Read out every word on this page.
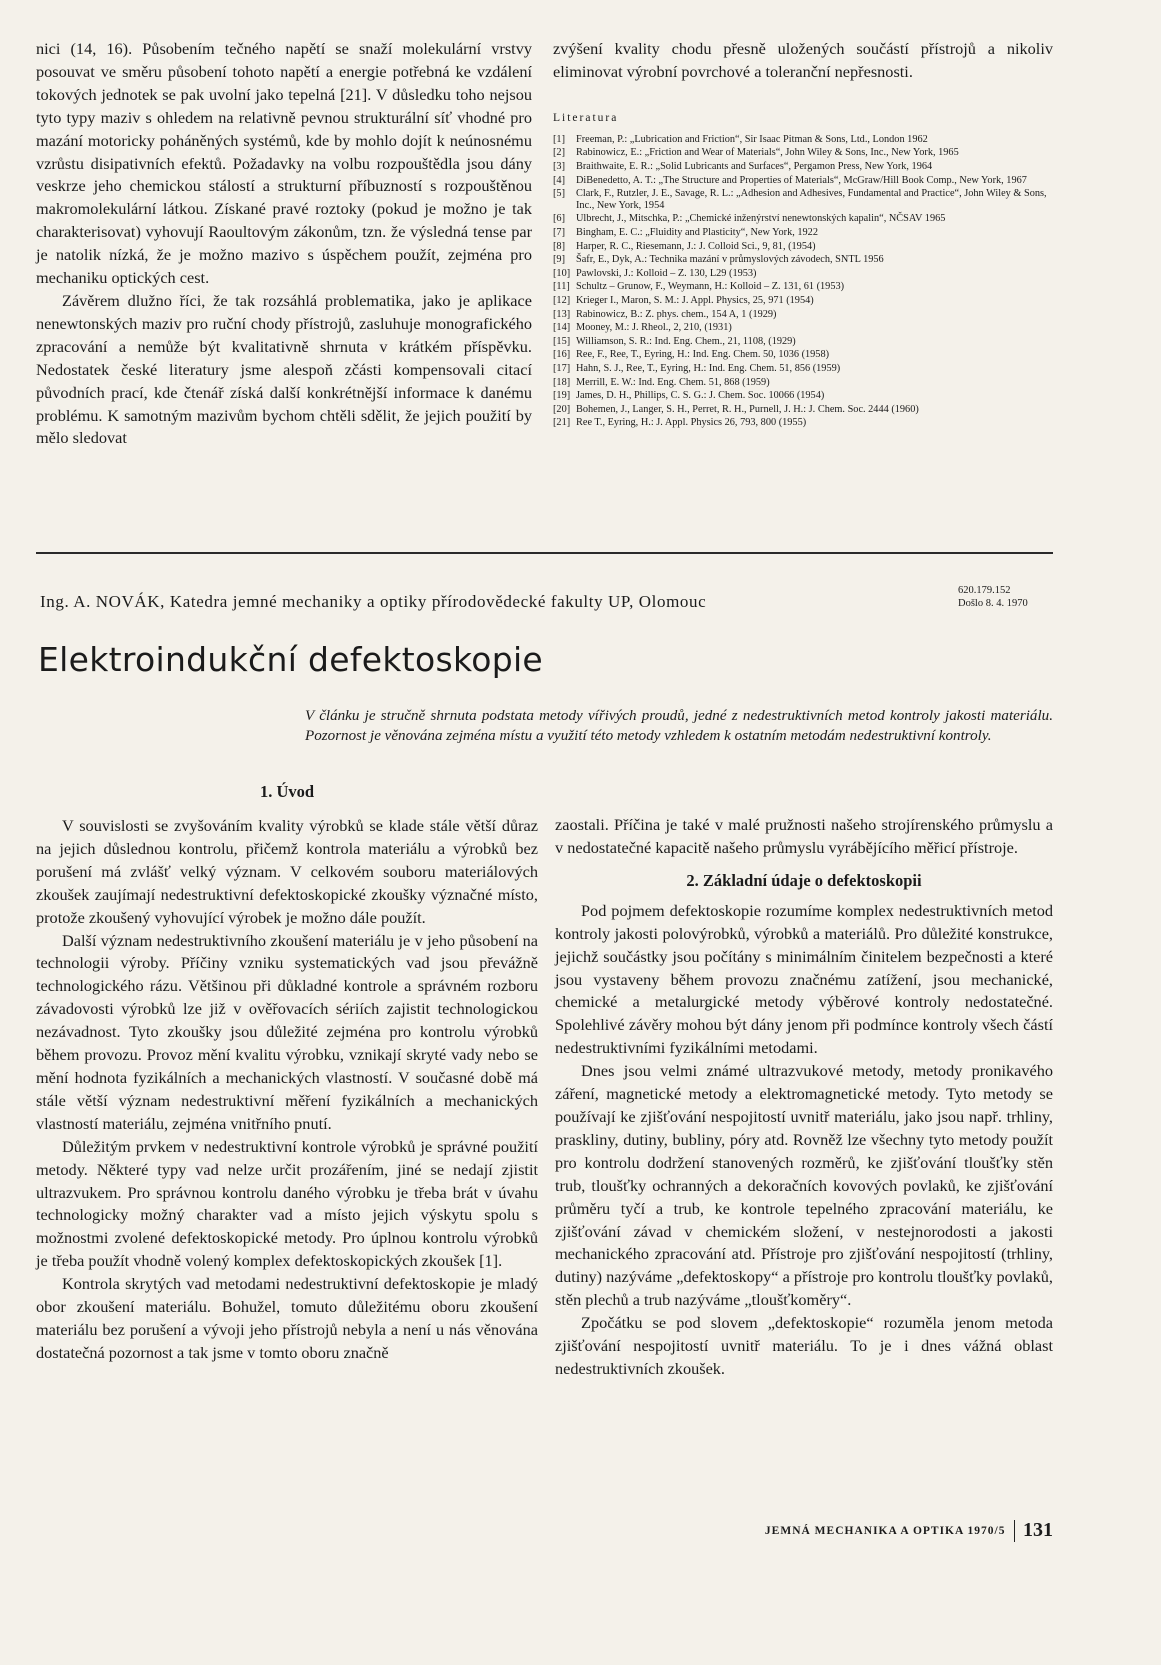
nici (14, 16). Působením tečného napětí se snaží molekulární vrstvy posouvat ve směru působení tohoto napětí a energie potřebná ke vzdálení tokových jednotek se pak uvolní jako tepelná [21]. V důsledku toho nejsou tyto typy maziv s ohledem na relativně pevnou strukturální síť vhodné pro mazání motoricky poháněných systémů, kde by mohlo dojít k neúnosnému vzrůstu disipativních efektů. Požadavky na volbu rozpouštědla jsou dány veskrze jeho chemickou stálostí a strukturní příbuzností s rozpouštěnou makromolekulární látkou. Získané pravé roztoky (pokud je možno je tak charakterisovat) vyhovují Raoultovým zákonům, tzn. že výsledná tense par je natolik nízká, že je možno mazivo s úspěchem použít, zejména pro mechaniku optických cest.

Závěrem dlužno říci, že tak rozsáhlá problematika, jako je aplikace nenewtonských maziv pro ruční chody přístrojů, zasluhuje monografického zpracování a nemůže být kvalitativně shrnuta v krátkém příspěvku. Nedostatek české literatury jsme alespoň zčásti kompensovali citací původních prací, kde čtenář získá další konkrétnější informace k danému problému. K samotným mazivům bychom chtěli sdělit, že jejich použití by mělo sledovat

zvýšení kvality chodu přesně uložených součástí přístrojů a nikoliv eliminovat výrobní povrchové a toleranční nepřesnosti.

Literatura
[1]	Freeman, P.: „Lubrication and Friction“, Sir Isaac Pitman & Sons, Ltd., London 1962
[2]	Rabinowicz, E.: „Friction and Wear of Materials“, John Wiley & Sons, Inc., New York, 1965
[3]	Braithwaite, E. R.: „Solid Lubricants and Surfaces“, Pergamon Press, New York, 1964
[4]	DiBenedetto, A. T.: „The Structure and Properties of Materials“, McGraw/Hill Book Comp., New York, 1967
[5]	Clark, F., Rutzler, J. E., Savage, R. L.: „Adhesion and Adhesives, Fundamental and Practice“, John Wiley & Sons, Inc., New York, 1954
[6]	Ulbrecht, J., Mitschka, P.: „Chemické inženýrství nenewtonských kapalin“, NČSAV 1965
[7]	Bingham, E. C.: „Fluidity and Plasticity“, New York, 1922
[8]	Harper, R. C., Riesemann, J.: J. Colloid Sci., 9, 81, (1954)
[9]	Šafr, E., Dyk, A.: Technika mazání v průmyslových závodech, SNTL 1956
[10] Pawlovski, J.: Kolloid – Z. 130, L29 (1953)
[11] Schultz – Grunow, F., Weymann, H.: Kolloid – Z. 131, 61 (1953)
[12] Krieger I., Maron, S. M.: J. Appl. Physics, 25, 971 (1954)
[13] Rabinowicz, B.: Z. phys. chem., 154 A, 1 (1929)
[14] Mooney, M.: J. Rheol., 2, 210, (1931)
[15] Williamson, S. R.: Ind. Eng. Chem., 21, 1108, (1929)
[16] Ree, F., Ree, T., Eyring, H.: Ind. Eng. Chem. 50, 1036 (1958)
[17] Hahn, S. J., Ree, T., Eyring, H.: Ind. Eng. Chem. 51, 856 (1959)
[18] Merrill, E. W.: Ind. Eng. Chem. 51, 868 (1959)
[19] James, D. H., Phillips, C. S. G.: J. Chem. Soc. 10066 (1954)
[20] Bohemen, J., Langer, S. H., Perret, R. H., Purnell, J. H.: J. Chem. Soc. 2444 (1960)
[21] Ree T., Eyring, H.: J. Appl. Physics 26, 793, 800 (1955)
Ing. A. NOVÁK, Katedra jemné mechaniky a optiky přírodovědecké fakulty UP, Olomouc
620.179.152
Došlo 8. 4. 1970
Elektroindukční defektoskopie

V článku je stručně shrnuta podstata metody vířivých proudů, jedné z nedestruktivních metod kontroly jakosti materiálu. Pozornost je věnována zejména místu a využití této metody vzhledem k ostatním metodám nedestruktivní kontroly.

1. Úvod

V souvislosti se zvyšováním kvality výrobků se klade stále větší důraz na jejich důslednou kontrolu, přičemž kontrola materiálu a výrobků bez porušení má zvlášť velký význam. V celkovém souboru materiálových zkoušek zaujímají nedestruktivní defektoskopické zkoušky význačné místo, protože zkoušený vyhovující výrobek je možno dále použít.

Další význam nedestruktivního zkoušení materiálu je v jeho působení na technologii výroby. Příčiny vzniku systematických vad jsou převážně technologického rázu. Většinou při důkladné kontrole a správném rozboru závadovosti výrobků lze již v ověřovacích sériích zajistit technologickou nezávadnost. Tyto zkoušky jsou důležité zejména pro kontrolu výrobků během provozu. Provoz mění kvalitu výrobku, vznikají skryté vady nebo se mění hodnota fyzikálních a mechanických vlastností. V současné době má stále větší význam nedestruktivní měření fyzikálních a mechanických vlastností materiálu, zejména vnitřního pnutí.

Důležitým prvkem v nedestruktivní kontrole výrobků je správné použití metody. Některé typy vad nelze určit prozářením, jiné se nedají zjistit ultrazvukem. Pro správnou kontrolu daného výrobku je třeba brát v úvahu technologicky možný charakter vad a místo jejich výskytu spolu s možnostmi zvolené defektoskopické metody. Pro úplnou kontrolu výrobků je třeba použít vhodně volený komplex defektoskopických zkoušek [1].

Kontrola skrytých vad metodami nedestruktivní defektoskopie je mladý obor zkoušení materiálu. Bohužel, tomuto důležitému oboru zkoušení materiálu bez porušení a vývoji jeho přístrojů nebyla a není u nás věnována dostatečná pozornost a tak jsme v tomto oboru značně

zaostali. Příčina je také v malé pružnosti našeho strojírenského průmyslu a v nedostatečné kapacitě našeho průmyslu vyrábějícího měřicí přístroje.

2. Základní údaje o defektoskopii

Pod pojmem defektoskopie rozumíme komplex nedestruktivních metod kontroly jakosti polovýrobků, výrobků a materiálů. Pro důležité konstrukce, jejichž součástky jsou počítány s minimálním činitelem bezpečnosti a které jsou vystaveny během provozu značnému zatížení, jsou mechanické, chemické a metalurgické metody výběrové kontroly nedostatečné. Spolehlivé závěry mohou být dány jenom při podmínce kontroly všech částí nedestruktivními fyzikálními metodami.

Dnes jsou velmi známé ultrazvukové metody, metody pronikavého záření, magnetické metody a elektromagnetické metody. Tyto metody se používají ke zjišťování nespojitostí uvnitř materiálu, jako jsou např. trhliny, praskliny, dutiny, bubliny, póry atd. Rovněž lze všechny tyto metody použít pro kontrolu dodržení stanovených rozměrů, ke zjišťování tloušťky stěn trub, tloušťky ochranných a dekoračních kovových povlaků, ke zjišťování průměru tyčí a trub, ke kontrole tepelného zpracování materiálu, ke zjišťování závad v chemickém složení, v nestejnorodosti a jakosti mechanického zpracování atd. Přístroje pro zjišťování nespojitostí (trhliny, dutiny) nazýváme „defektoskopy“ a přístroje pro kontrolu tloušťky povlaků, stěn plechů a trub nazýváme „tloušťkoměry“.

Zpočátku se pod slovem „defektoskopie“ rozuměla jenom metoda zjišťování nespojitostí uvnitř materiálu. To je i dnes vážná oblast nedestruktivních zkoušek.

JEMNÁ MECHANIKA A OPTIKA 1970/5 131
